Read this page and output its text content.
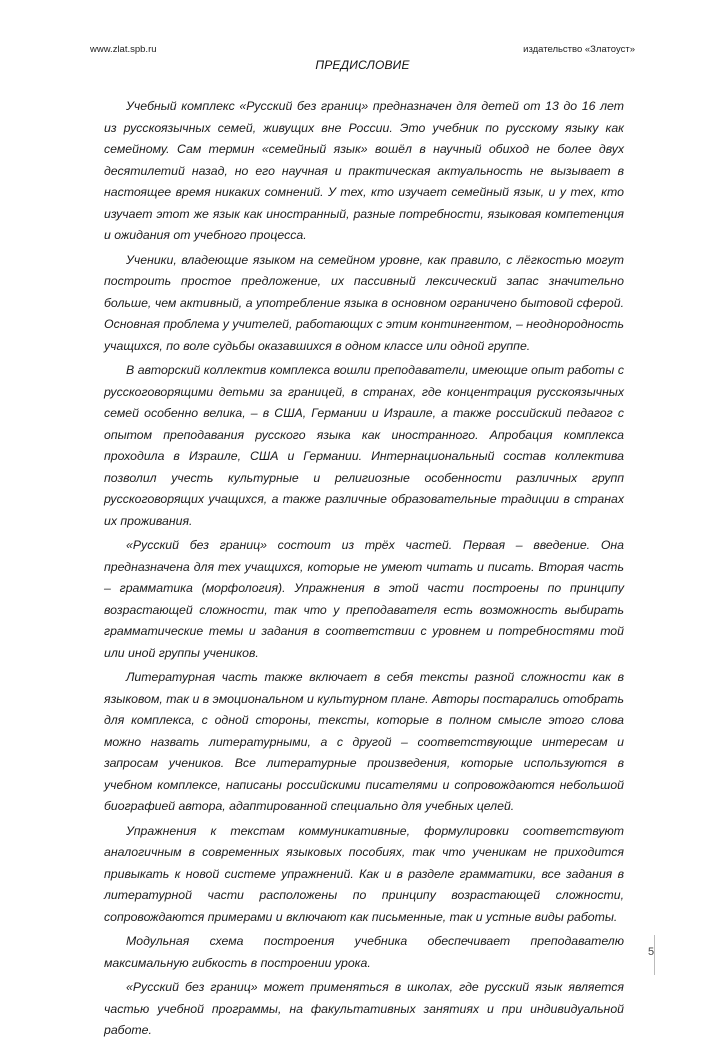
www.zlat.spb.ru	издательство «Златоуст»
ПРЕДИСЛОВИЕ

Учебный комплекс «Русский без границ» предназначен для детей от 13 до 16 лет из русскоязычных семей, живущих вне России. Это учебник по русскому языку как семейному. Сам термин «семейный язык» вошёл в научный обиход не более двух десятилетий назад, но его научная и практическая актуальность не вызывает в настоящее время никаких сомнений. У тех, кто изучает семейный язык, и у тех, кто изучает этот же язык как иностранный, разные потребности, языковая компетенция и ожидания от учебного процесса.

Ученики, владеющие языком на семейном уровне, как правило, с лёгкостью могут построить простое предложение, их пассивный лексический запас значительно больше, чем активный, а употребление языка в основном ограничено бытовой сферой. Основная проблема у учителей, работающих с этим контингентом, – неоднородность учащихся, по воле судьбы оказавшихся в одном классе или одной группе.

В авторский коллектив комплекса вошли преподаватели, имеющие опыт работы с русскоговорящими детьми за границей, в странах, где концентрация русскоязычных семей особенно велика, – в США, Германии и Израиле, а также российский педагог с опытом преподавания русского языка как иностранного. Апробация комплекса проходила в Израиле, США и Германии. Интернациональный состав коллектива позволил учесть культурные и религиозные особенности различных групп русскоговорящих учащихся, а также различные образовательные традиции в странах их проживания.

«Русский без границ» состоит из трёх частей. Первая – введение. Она предназначена для тех учащихся, которые не умеют читать и писать. Вторая часть – грамматика (морфология). Упражнения в этой части построены по принципу возрастающей сложности, так что у преподавателя есть возможность выбирать грамматические темы и задания в соответствии с уровнем и потребностями той или иной группы учеников.

Литературная часть также включает в себя тексты разной сложности как в языковом, так и в эмоциональном и культурном плане. Авторы постарались отобрать для комплекса, с одной стороны, тексты, которые в полном смысле этого слова можно назвать литературными, а с другой – соответствующие интересам и запросам учеников. Все литературные произведения, которые используются в учебном комплексе, написаны российскими писателями и сопровождаются небольшой биографией автора, адаптированной специально для учебных целей.

Упражнения к текстам коммуникативные, формулировки соответствуют аналогичным в современных языковых пособиях, так что ученикам не приходится привыкать к новой системе упражнений. Как и в разделе грамматики, все задания в литературной части расположены по принципу возрастающей сложности, сопровождаются примерами и включают как письменные, так и устные виды работы.

Модульная схема построения учебника обеспечивает преподавателю максимальную гибкость в построении урока.

«Русский без границ» может применяться в школах, где русский язык является частью учебной программы, на факультативных занятиях и при индивидуальной работе.

5
